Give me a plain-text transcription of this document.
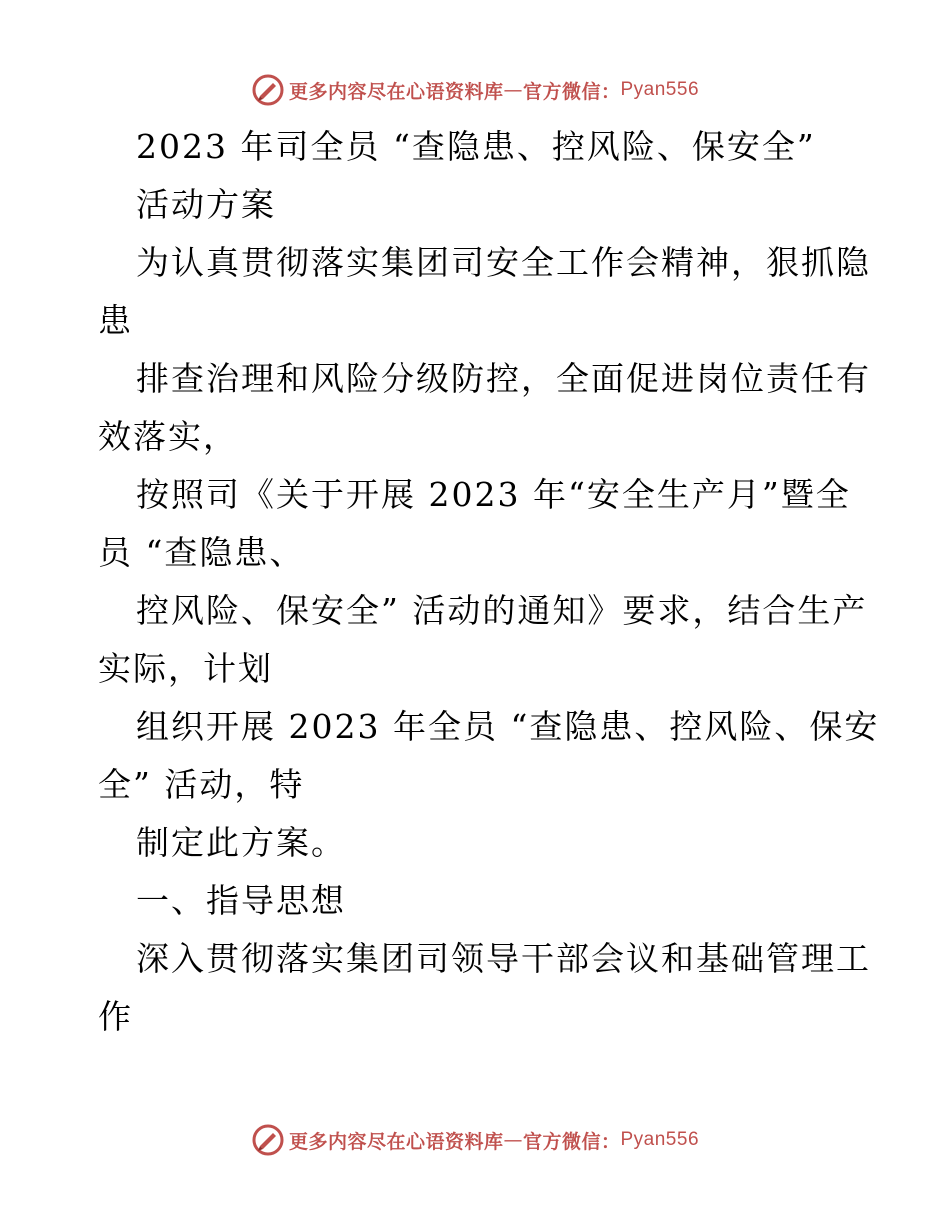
更多内容尽在心语资料库 — 官方微信： Pyan556
2023 年司全员 “查隐患、控风险、保安全”
活动方案
为认真贯彻落实集团司安全工作会精神，狠抓隐
患
排查治理和风险分级防控，全面促进岗位责任有
效落实，
按照司《关于开展 2023 年“安全生产月”暨全
员 “查隐患、
控风险、保安全” 活动的通知》要求，结合生产
实际，计划
组织开展 2023 年全员 “查隐患、控风险、保安
全” 活动，特
制定此方案。
一、指导思想
深入贯彻落实集团司领导干部会议和基础管理工
作
更多内容尽在心语资料库 — 官方微信： Pyan556
